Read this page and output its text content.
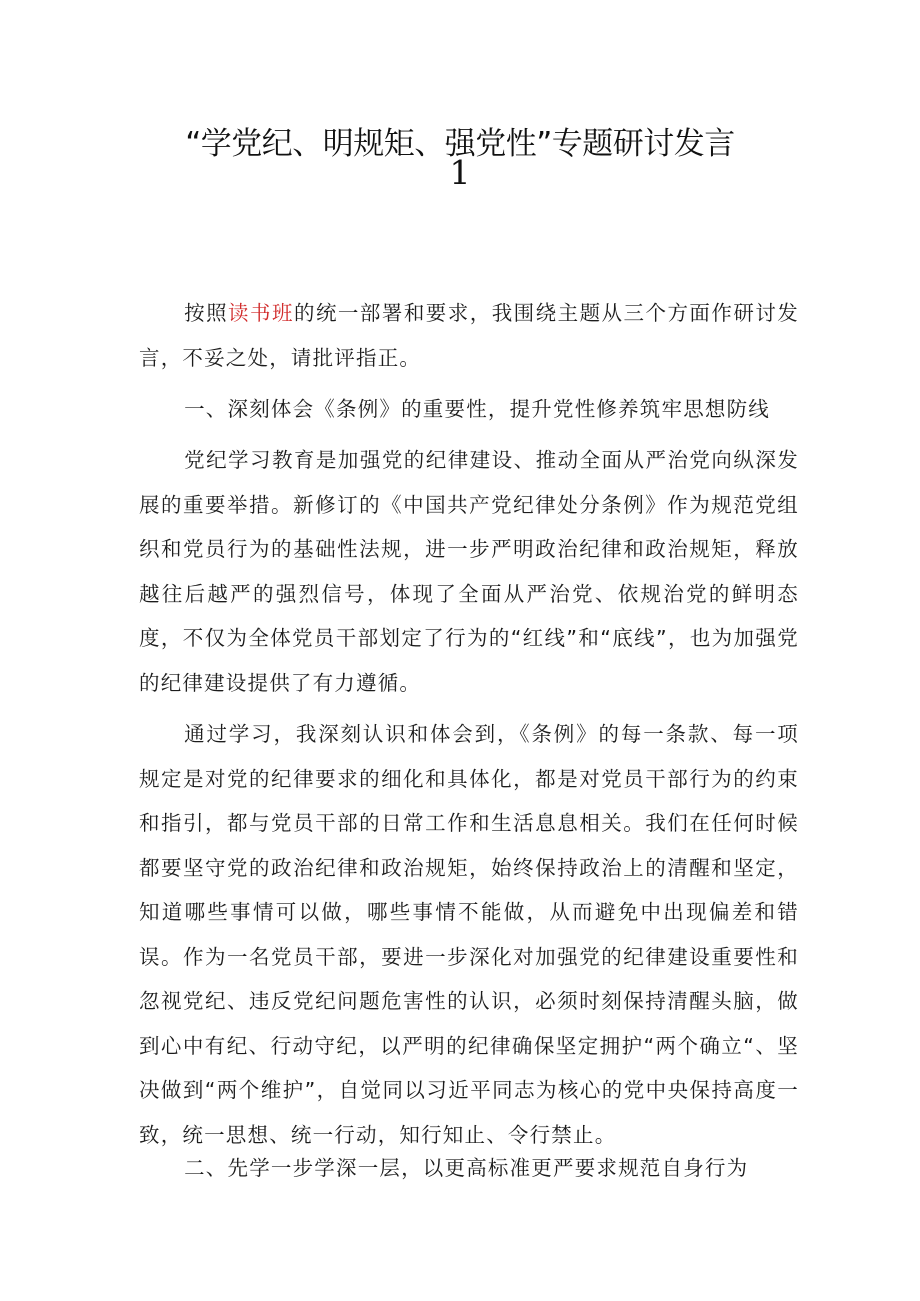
“学党纪、明规矩、强党性”专题研讨发言
1

按照读书班的统一部署和要求，我围绕主题从三个方面作研讨发言，不妥之处，请批评指正。

一、深刻体会《条例》的重要性，提升党性修养筑牢思想防线

党纪学习教育是加强党的纪律建设、推动全面从严治党向纵深发展的重要举措。新修订的《中国共产党纪律处分条例》作为规范党组织和党员行为的基础性法规，进一步严明政治纪律和政治规矩，释放越往后越严的强烈信号，体现了全面从严治党、依规治党的鲜明态度，不仅为全体党员干部划定了行为的“红线”和“底线”，也为加强党的纪律建设提供了有力遵循。

通过学习，我深刻认识和体会到，《条例》的每一条款、每一项规定是对党的纪律要求的细化和具体化，都是对党员干部行为的约束和指引，都与党员干部的日常工作和生活息息相关。我们在任何时候都要坚守党的政治纪律和政治规矩，始终保持政治上的清醒和坚定，知道哪些事情可以做，哪些事情不能做，从而避免中出现偏差和错误。作为一名党员干部，要进一步深化对加强党的纪律建设重要性和忽视党纪、违反党纪问题危害性的认识，必须时刻保持清醒头脑，做到心中有纪、行动守纪，以严明的纪律确保坚定拥护“两个确立“、坚决做到“两个维护”，自觉同以习近平同志为核心的党中央保持高度一致，统一思想、统一行动，知行知止、令行禁止。

二、先学一步学深一层，以更高标准更严要求规范自身行为
